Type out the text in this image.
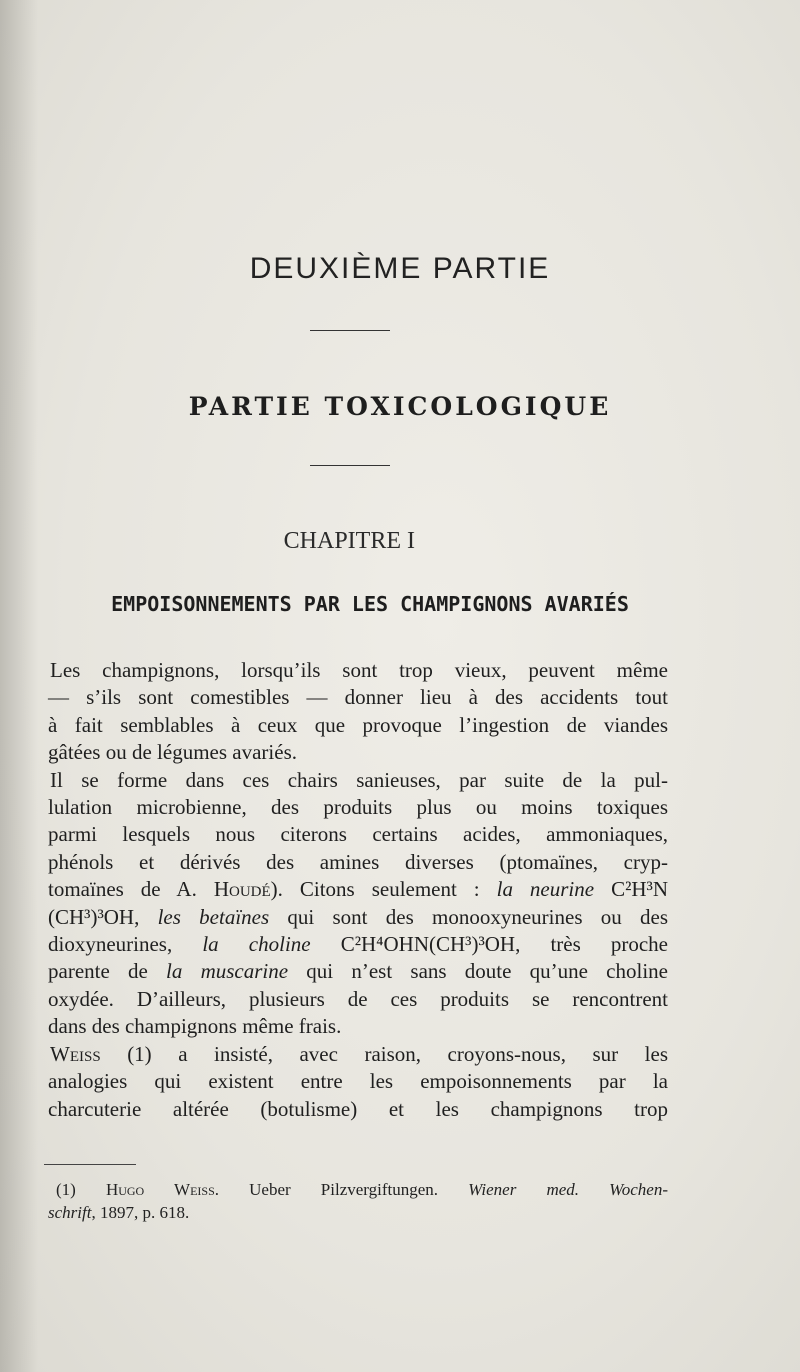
DEUXIÈME PARTIE
PARTIE TOXICOLOGIQUE
CHAPITRE I
EMPOISONNEMENTS PAR LES CHAMPIGNONS AVARIÉS

Les champignons, lorsqu’ils sont trop vieux, peuvent même
— s’ils sont comestibles — donner lieu à des accidents tout
à fait semblables à ceux que provoque l’ingestion de viandes
gâtées ou de légumes avariés.

Il se forme dans ces chairs sanieuses, par suite de la pul-
lulation microbienne, des produits plus ou moins toxiques
parmi lesquels nous citerons certains acides, ammoniaques,
phénols et dérivés des amines diverses (ptomaïnes, cryp-
tomaïnes de A. Houdé). Citons seulement : la neurine C²H³N
(CH³)³OH, les betaïnes qui sont des monooxyneurines ou des
dioxyneurines, la choline C²H⁴OHN(CH³)³OH, très proche
parente de la muscarine qui n’est sans doute qu’une choline
oxydée. D’ailleurs, plusieurs de ces produits se rencontrent
dans des champignons même frais.

Weiss (1) a insisté, avec raison, croyons-nous, sur les
analogies qui existent entre les empoisonnements par la
charcuterie altérée (botulisme) et les champignons trop

(1) Hugo Weiss. Ueber Pilzvergiftungen. Wiener med. Wochen-
schrift, 1897, p. 618.
